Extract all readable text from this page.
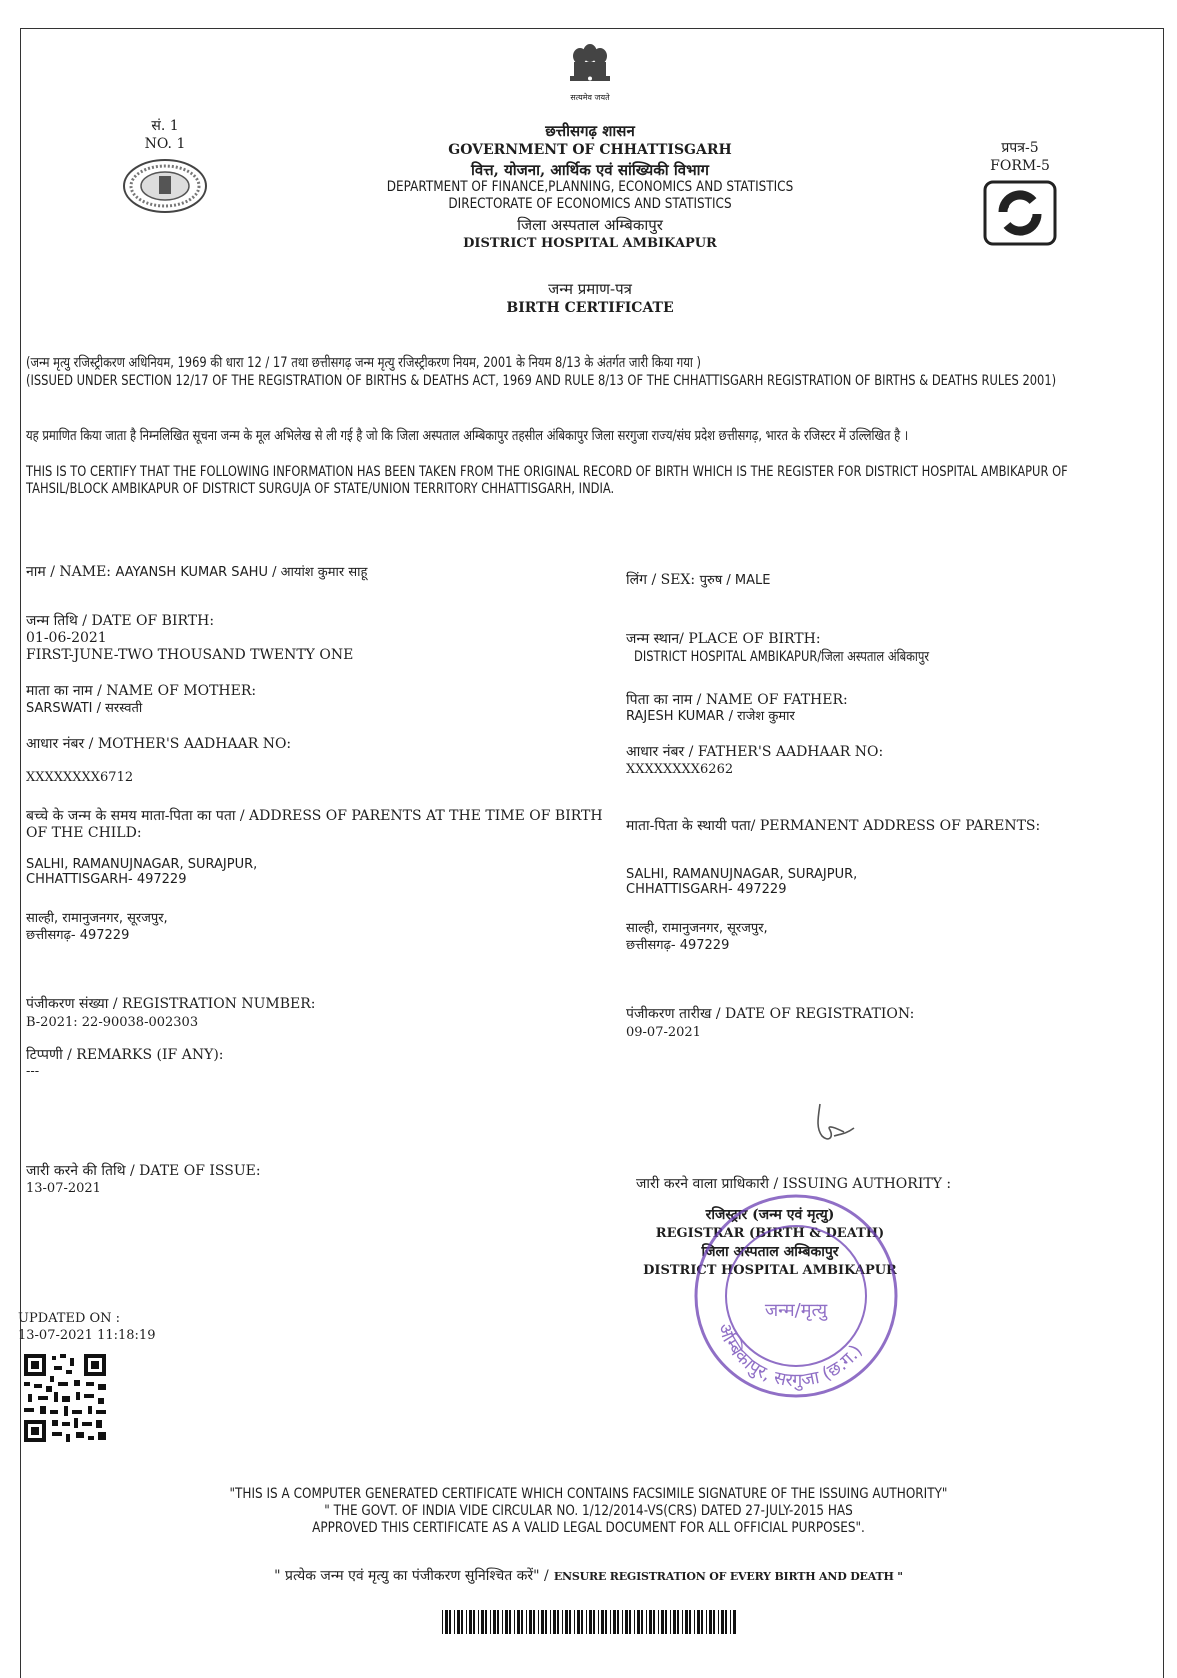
सत्यमेव जयते
सं. 1
NO. 1	प्रपत्र-5
FORM-5
छत्तीसगढ़ शासन
GOVERNMENT OF CHHATTISGARH
वित्त, योजना, आर्थिक एवं सांख्यिकी विभाग
DEPARTMENT OF FINANCE,PLANNING, ECONOMICS AND STATISTICS
DIRECTORATE OF ECONOMICS AND STATISTICS
जिला अस्पताल अम्बिकापुर
DISTRICT HOSPITAL AMBIKAPUR
जन्म प्रमाण-पत्र
BIRTH CERTIFICATE
(जन्म मृत्यु रजिस्ट्रीकरण अधिनियम, 1969 की धारा 12 / 17 तथा छत्तीसगढ़ जन्म मृत्यु रजिस्ट्रीकरण नियम, 2001 के नियम 8/13 के अंतर्गत जारी किया गया )
(ISSUED UNDER SECTION 12/17 OF THE REGISTRATION OF BIRTHS & DEATHS ACT, 1969 AND RULE 8/13 OF THE CHHATTISGARH REGISTRATION OF BIRTHS & DEATHS RULES 2001)
यह प्रमाणित किया जाता है निम्नलिखित सूचना जन्म के मूल अभिलेख से ली गई है जो कि जिला अस्पताल अम्बिकापुर तहसील अंबिकापुर जिला सरगुजा राज्य/संघ प्रदेश छत्तीसगढ़, भारत के रजिस्टर में उल्लिखित है ।
THIS IS TO CERTIFY THAT THE FOLLOWING INFORMATION HAS BEEN TAKEN FROM THE ORIGINAL RECORD OF BIRTH WHICH IS THE REGISTER FOR DISTRICT HOSPITAL AMBIKAPUR OF TAHSIL/BLOCK AMBIKAPUR OF DISTRICT SURGUJA OF STATE/UNION TERRITORY CHHATTISGARH, INDIA.
नाम / NAME: AAYANSH KUMAR SAHU / आयांश कुमार साहू
जन्म तिथि / DATE OF BIRTH:
01-06-2021
FIRST-JUNE-TWO THOUSAND TWENTY ONE
माता का नाम / NAME OF MOTHER:
SARSWATI / सरस्वती
आधार नंबर / MOTHER'S AADHAAR NO:
XXXXXXXX6712
बच्चे के जन्म के समय माता-पिता का पता / ADDRESS OF PARENTS AT THE TIME OF BIRTH OF THE CHILD:
SALHI, RAMANUJNAGAR, SURAJPUR,
CHHATTISGARH- 497229
साल्ही, रामानुजनगर, सूरजपुर,
छत्तीसगढ़- 497229
पंजीकरण संख्या / REGISTRATION NUMBER:
B-2021: 22-90038-002303
टिप्पणी / REMARKS (IF ANY):
---
जारी करने की तिथि / DATE OF ISSUE:
13-07-2021
UPDATED ON :
13-07-2021 11:18:19
लिंग / SEX: पुरुष / MALE
जन्म स्थान/ PLACE OF BIRTH:
DISTRICT HOSPITAL AMBIKAPUR/जिला अस्पताल अंबिकापुर
पिता का नाम / NAME OF FATHER:
RAJESH KUMAR / राजेश कुमार
आधार नंबर / FATHER'S AADHAAR NO:
XXXXXXXX6262
माता-पिता के स्थायी पता/ PERMANENT ADDRESS OF PARENTS:
SALHI, RAMANUJNAGAR, SURAJPUR,
CHHATTISGARH- 497229
साल्ही, रामानुजनगर, सूरजपुर,
छत्तीसगढ़- 497229
पंजीकरण तारीख / DATE OF REGISTRATION:
09-07-2021
जारी करने वाला प्राधिकारी / ISSUING AUTHORITY :
रजिस्ट्रार (जन्म एवं मृत्यु)
REGISTRAR (BIRTH & DEATH)
जिला अस्पताल अम्बिकापुर
DISTRICT HOSPITAL AMBIKAPUR
अम्बिकापुर, सरगुजा (छ.ग.)
जन्म/मृत्यु
"THIS IS A COMPUTER GENERATED CERTIFICATE WHICH CONTAINS FACSIMILE SIGNATURE OF THE ISSUING AUTHORITY"
" THE GOVT. OF INDIA VIDE CIRCULAR NO. 1/12/2014-VS(CRS) DATED 27-JULY-2015 HAS
APPROVED THIS CERTIFICATE AS A VALID LEGAL DOCUMENT FOR ALL OFFICIAL PURPOSES".
" प्रत्येक जन्म एवं मृत्यु का पंजीकरण सुनिश्चित करें" / ENSURE REGISTRATION OF EVERY BIRTH AND DEATH "
